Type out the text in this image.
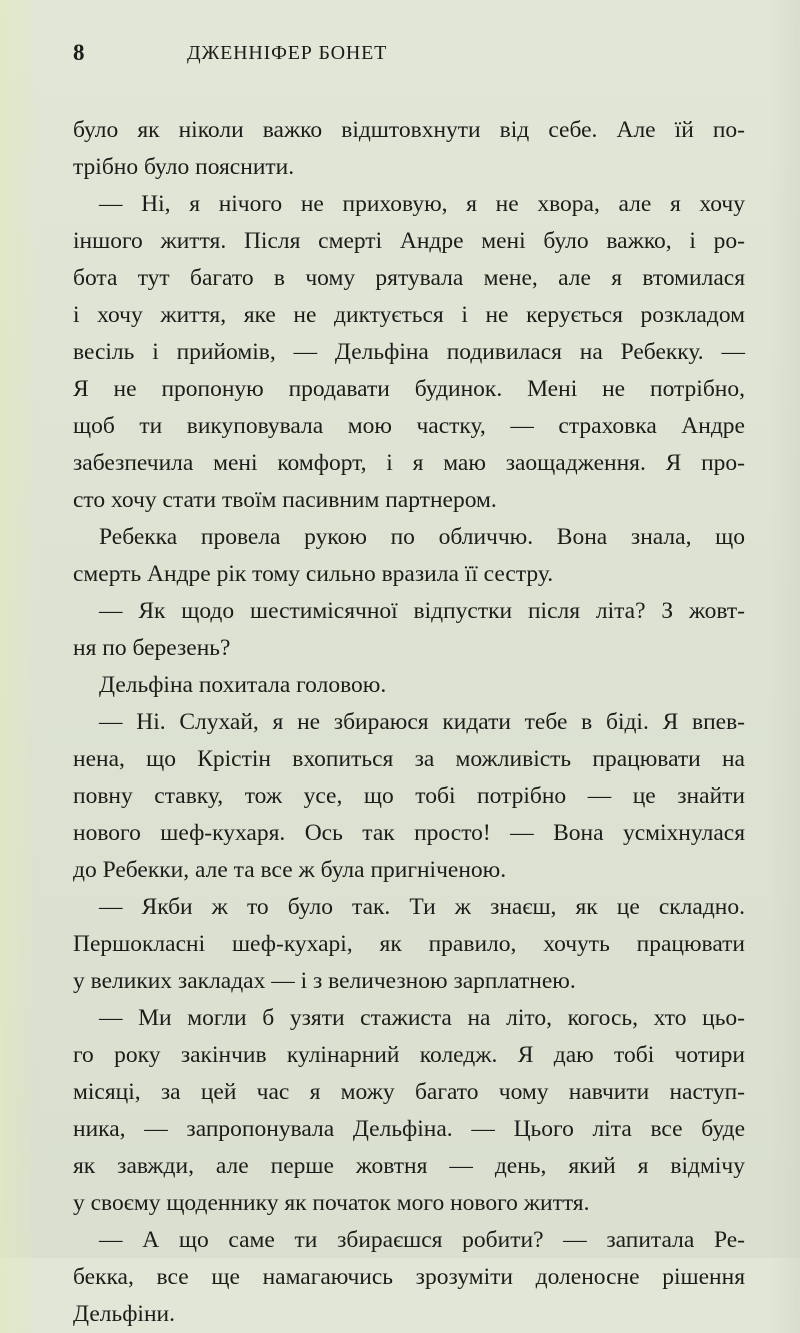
8	ДЖЕННІФЕР БОНЕТ
було як ніколи важко відштовхнути від себе. Але їй по-
трібно було пояснити.
— Ні, я нічого не приховую, я не хвора, але я хочу
іншого життя. Після смерті Андре мені було важко, і ро-
бота тут багато в чому рятувала мене, але я втомилася
і хочу життя, яке не диктується і не керується розкладом
весіль і прийомів, — Дельфіна подивилася на Ребекку. —
Я не пропоную продавати будинок. Мені не потрібно,
щоб ти викуповувала мою частку, — страховка Андре
забезпечила мені комфорт, і я маю заощадження. Я про-
сто хочу стати твоїм пасивним партнером.
Ребекка провела рукою по обличчю. Вона знала, що
смерть Андре рік тому сильно вразила її сестру.
— Як щодо шестимісячної відпустки після літа? З жовт-
ня по березень?
Дельфіна похитала головою.
— Ні. Слухай, я не збираюся кидати тебе в біді. Я впев-
нена, що Крістін вхопиться за можливість працювати на
повну ставку, тож усе, що тобі потрібно — це знайти
нового шеф-кухаря. Ось так просто! — Вона усміхнулася
до Ребекки, але та все ж була пригніченою.
— Якби ж то було так. Ти ж знаєш, як це складно.
Першокласні шеф-кухарі, як правило, хочуть працювати
у великих закладах — і з величезною зарплатнею.
— Ми могли б узяти стажиста на літо, когось, хто цьо-
го року закінчив кулінарний коледж. Я даю тобі чотири
місяці, за цей час я можу багато чому навчити наступ-
ника, — запропонувала Дельфіна. — Цього літа все буде
як завжди, але перше жовтня — день, який я відмічу
у своєму щоденнику як початок мого нового життя.
— А що саме ти збираєшся робити? — запитала Ре-
бекка, все ще намагаючись зрозуміти доленосне рішення
Дельфіни.
